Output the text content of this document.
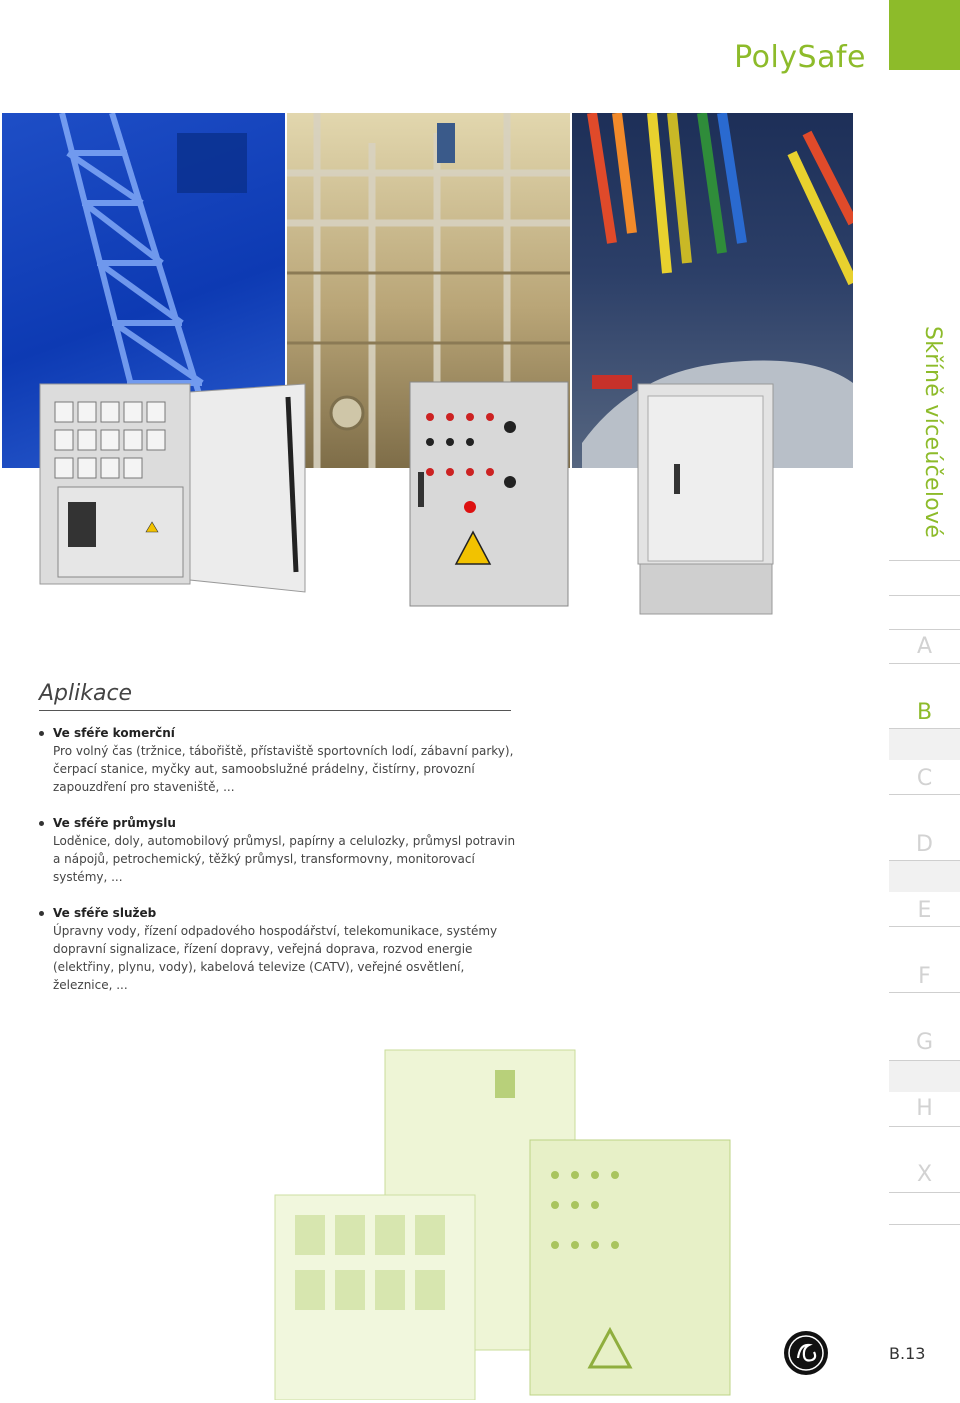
PolySafe
Skříně víceúčelové
A
B
C
D
E
F
G
H
X
Aplikace
Ve sféře komerční
Pro volný čas (tržnice, tábořiště, přístaviště sportovních lodí, zábavní parky), čerpací stanice, myčky aut, samoobslužné prádelny, čistírny, provozní zapouzdření pro staveniště, ...
Ve sféře průmyslu
Loděnice, doly, automobilový průmysl, papírny a celulozky, průmysl potravin a nápojů, petrochemický, těžký průmysl, transformovny, monitorovací systémy, ...
Ve sféře služeb
Úpravny vody, řízení odpadového hospodářství, telekomunikace, systémy dopravní signalizace, řízení dopravy, veřejná doprava, rozvod energie (elektřiny, plynu, vody), kabelová televize (CATV), veřejné osvětlení, železnice, ...
B.13
